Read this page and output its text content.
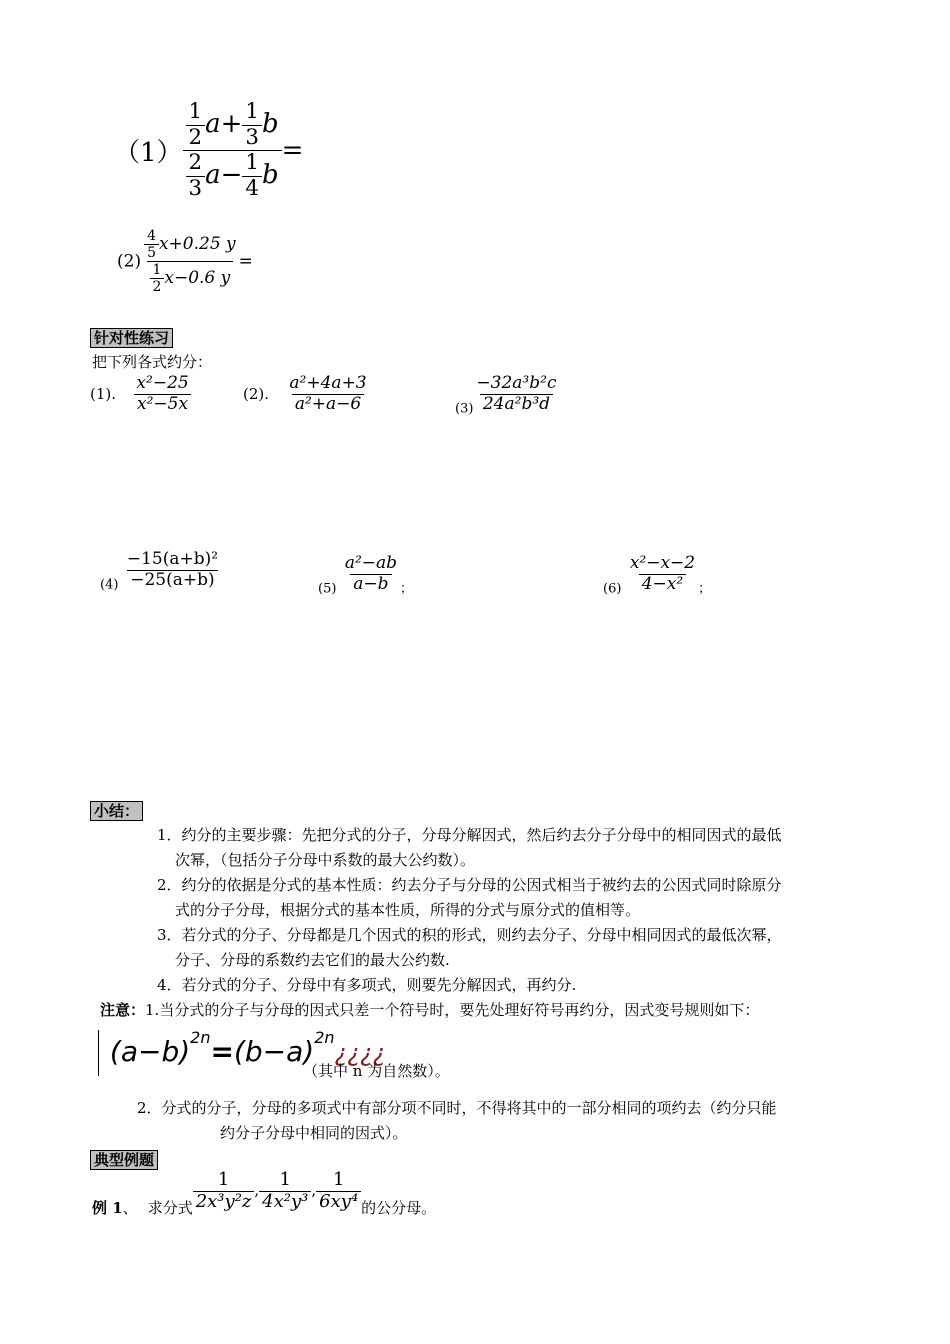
$(1) \frac{\frac{1}{2} a+ \frac{1}{3} b}{\frac{2}{3} a- \frac{1}{4} b}$ =
$(2) \frac{\frac{4}{5} x+0.25 y}{\frac{1}{2} x-0.6 y}$ =
针对性练习
把下列各式约分：
(1). $\frac{\text{x²−25}}{\text{x²−5x}}$	(2). $\frac{\text{a²+4a+3}}{\text{a²+a−6}}$	$_{(3)} \frac{\text{−32a³b²c}}{\text{24a²b³d}}$
$_{(4)} \frac{\text{−15(a+b)²}}{-25(a+b)}$	$_{(5)} \frac{\text{a²−ab}}{a-b} _;$	$_{(6)} \frac{\text{x²−x−2}}{\text{4−x²}} _;$
小结：
1．约分的主要步骤：先把分式的分子，分母分解因式，然后约去分子分母中的相同因式的最低
次幂，（包括分子分母中系数的最大公约数）。
2．约分的依据是分式的基本性质：约去分子与分母的公因式相当于被约去的公因式同时除原分
式的分子分母，根据分式的基本性质，所得的分式与原分式的值相等。
3．若分式的分子、分母都是几个因式的积的形式，则约去分子、分母中相同因式的最低次幂，
分子、分母的系数约去它们的最大公约数.
4．若分式的分子、分母中有多项式，则要先分解因式，再约分.
注意：1.当分式的分子与分母的因式只差一个符号时，要先处理好符号再约分，因式变号规则如下：
$(a-b)^{2n}=(b-a)^{2n}¿¿¿¿$
（其中 n 为自然数）。
2．分式的分子，分母的多项式中有部分项不同时，不得将其中的一部分相同的项约去（约分只能
约分子分母中相同的因式）。
典型例题
例 1、 求分式 $\frac{1}{\text{2x³y²z}}$ , $\frac{1}{\text{4x²y³}}$ , $\frac{1}{\text{6xy⁴}}$ 的公分母。
